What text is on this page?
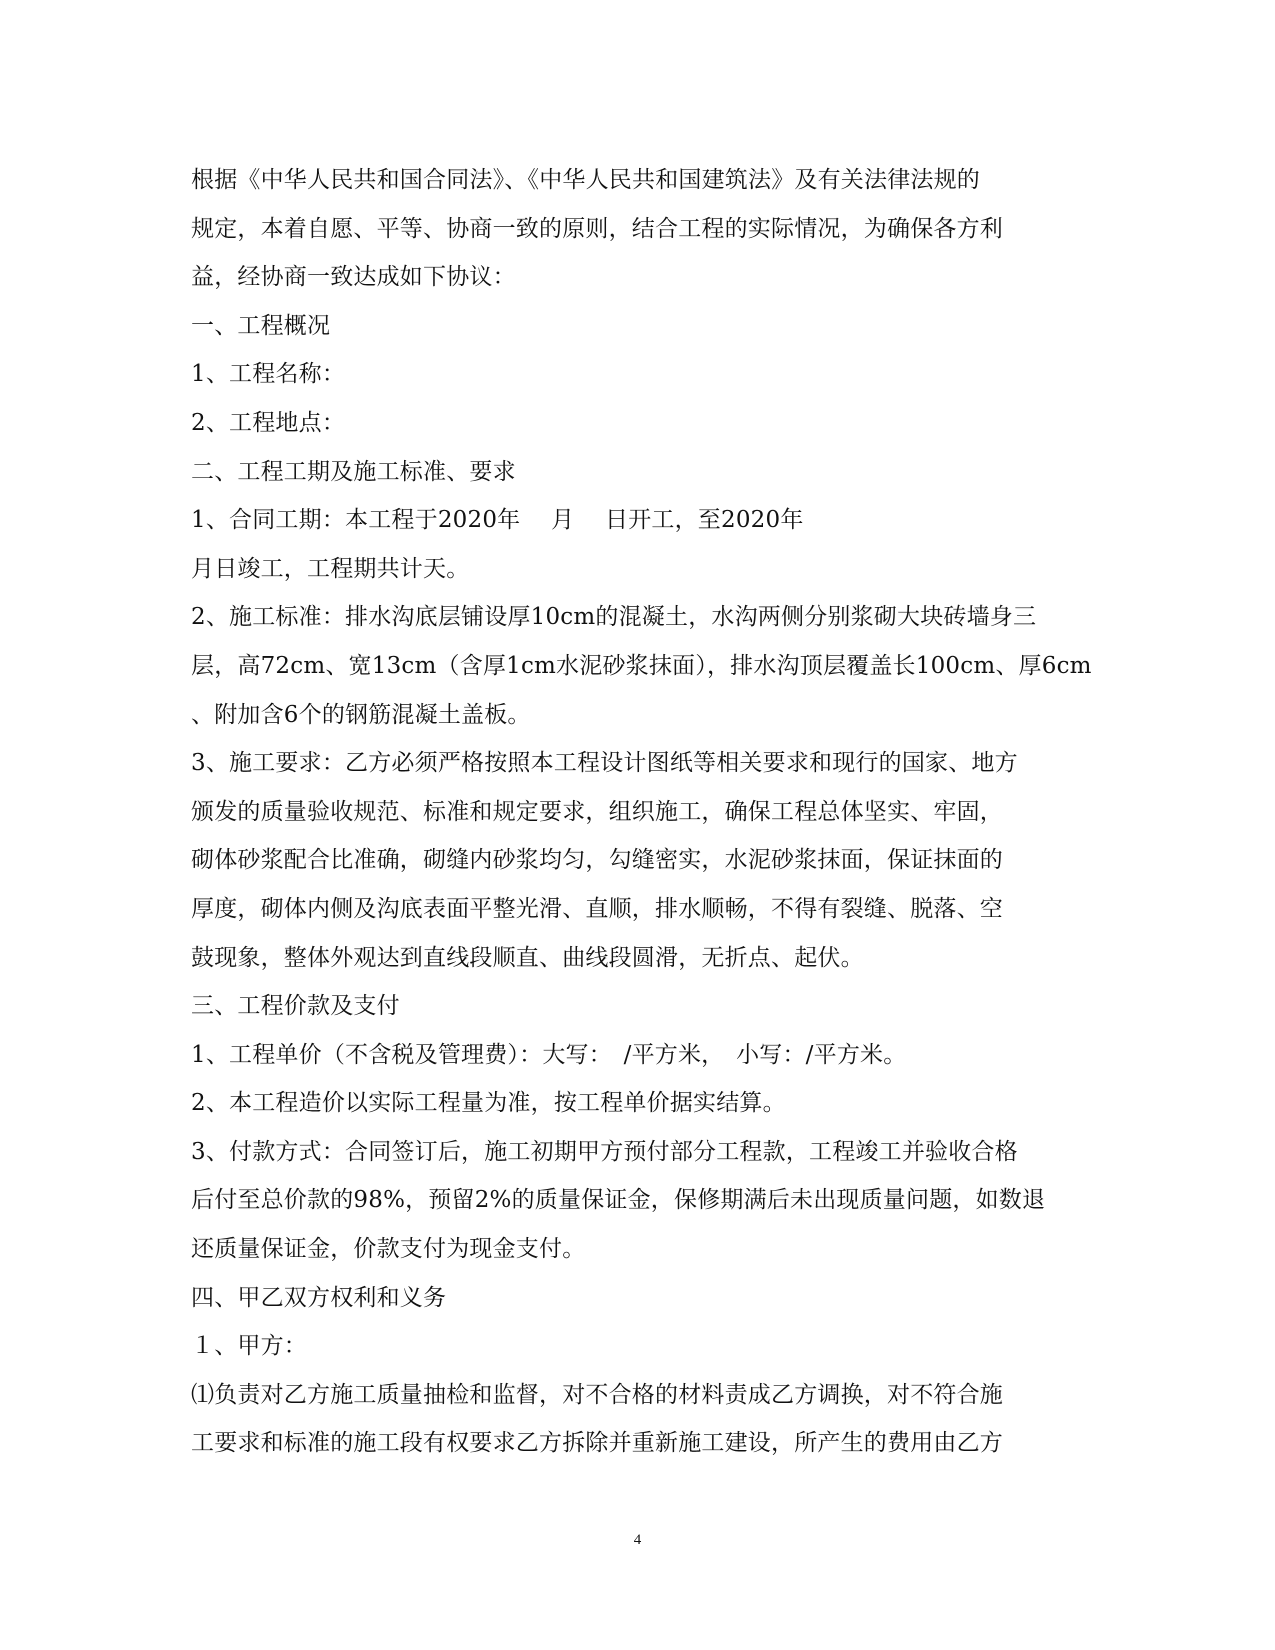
根据《中华人民共和国合同法》、《中华人民共和国建筑法》及有关法律法规的
规定，本着自愿、平等、协商一致的原则，结合工程的实际情况，为确保各方利
益，经协商一致达成如下协议：
一、工程概况
1、工程名称：
2、工程地点：
二、工程工期及施工标准、要求
1、合同工期：本工程于2020年　 月　 日开工，至2020年
月日竣工，工程期共计天。
2、施工标准：排水沟底层铺设厚10cm的混凝土，水沟两侧分别浆砌大块砖墙身三
层，高72cm、宽13cm（含厚1cm水泥砂浆抹面），排水沟顶层覆盖长100cm、厚6cm
、附加含6个的钢筋混凝土盖板。
3、施工要求：乙方必须严格按照本工程设计图纸等相关要求和现行的国家、地方
颁发的质量验收规范、标准和规定要求，组织施工，确保工程总体坚实、牢固，
砌体砂浆配合比准确，砌缝内砂浆均匀，勾缝密实，水泥砂浆抹面，保证抹面的
厚度，砌体内侧及沟底表面平整光滑、直顺，排水顺畅，不得有裂缝、脱落、空
鼓现象，整体外观达到直线段顺直、曲线段圆滑，无折点、起伏。
三、工程价款及支付
1、工程单价（不含税及管理费）：大写：　/平方米，　小写：/平方米。
2、本工程造价以实际工程量为准，按工程单价据实结算。
3、付款方式：合同签订后，施工初期甲方预付部分工程款，工程竣工并验收合格
后付至总价款的98%，预留2%的质量保证金，保修期满后未出现质量问题，如数退
还质量保证金，价款支付为现金支付。
四、甲乙双方权利和义务
１、甲方：
⑴负责对乙方施工质量抽检和监督，对不合格的材料责成乙方调换，对不符合施
工要求和标准的施工段有权要求乙方拆除并重新施工建设，所产生的费用由乙方
4
